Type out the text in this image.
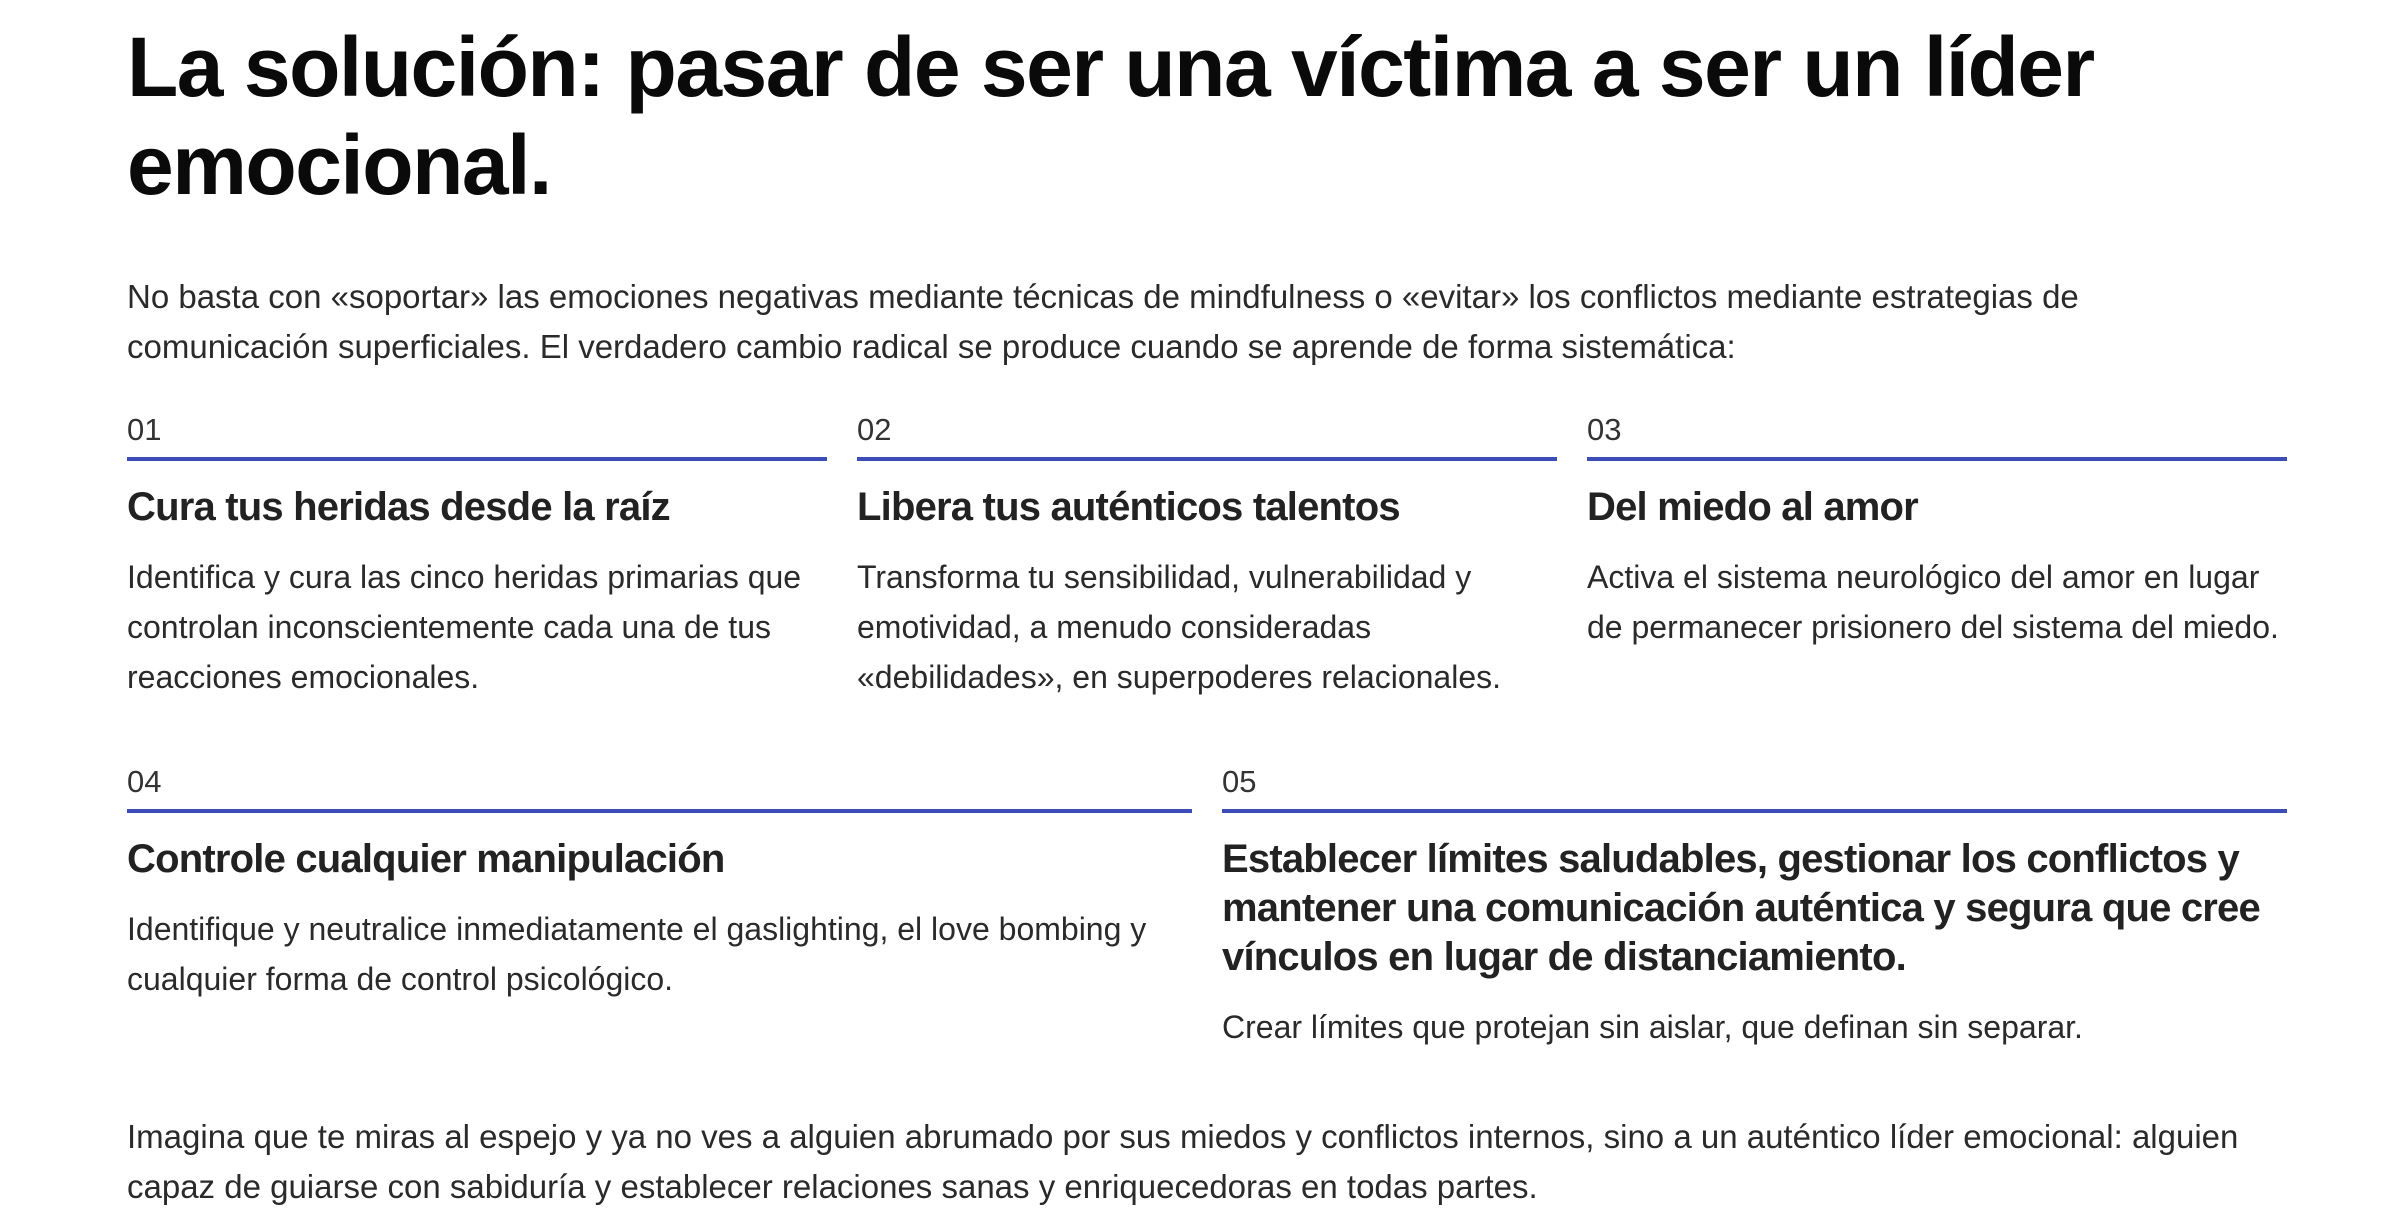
La solución: pasar de ser una víctima a ser un líder emocional.

No basta con «soportar» las emociones negativas mediante técnicas de mindfulness o «evitar» los conflictos mediante estrategias de comunicación superficiales. El verdadero cambio radical se produce cuando se aprende de forma sistemática:

01
Cura tus heridas desde la raíz

Identifica y cura las cinco heridas primarias que controlan inconscientemente cada una de tus reacciones emocionales.

02
Libera tus auténticos talentos

Transforma tu sensibilidad, vulnerabilidad y emotividad, a menudo consideradas «debilidades», en superpoderes relacionales.

03
Del miedo al amor

Activa el sistema neurológico del amor en lugar de permanecer prisionero del sistema del miedo.

04
Controle cualquier manipulación

Identifique y neutralice inmediatamente el gaslighting, el love bombing y cualquier forma de control psicológico.

05
Establecer límites saludables, gestionar los conflictos y mantener una comunicación auténtica y segura que cree vínculos en lugar de distanciamiento.

Crear límites que protejan sin aislar, que definan sin separar.

Imagina que te miras al espejo y ya no ves a alguien abrumado por sus miedos y conflictos internos, sino a un auténtico líder emocional: alguien capaz de guiarse con sabiduría y establecer relaciones sanas y enriquecedoras en todas partes.
